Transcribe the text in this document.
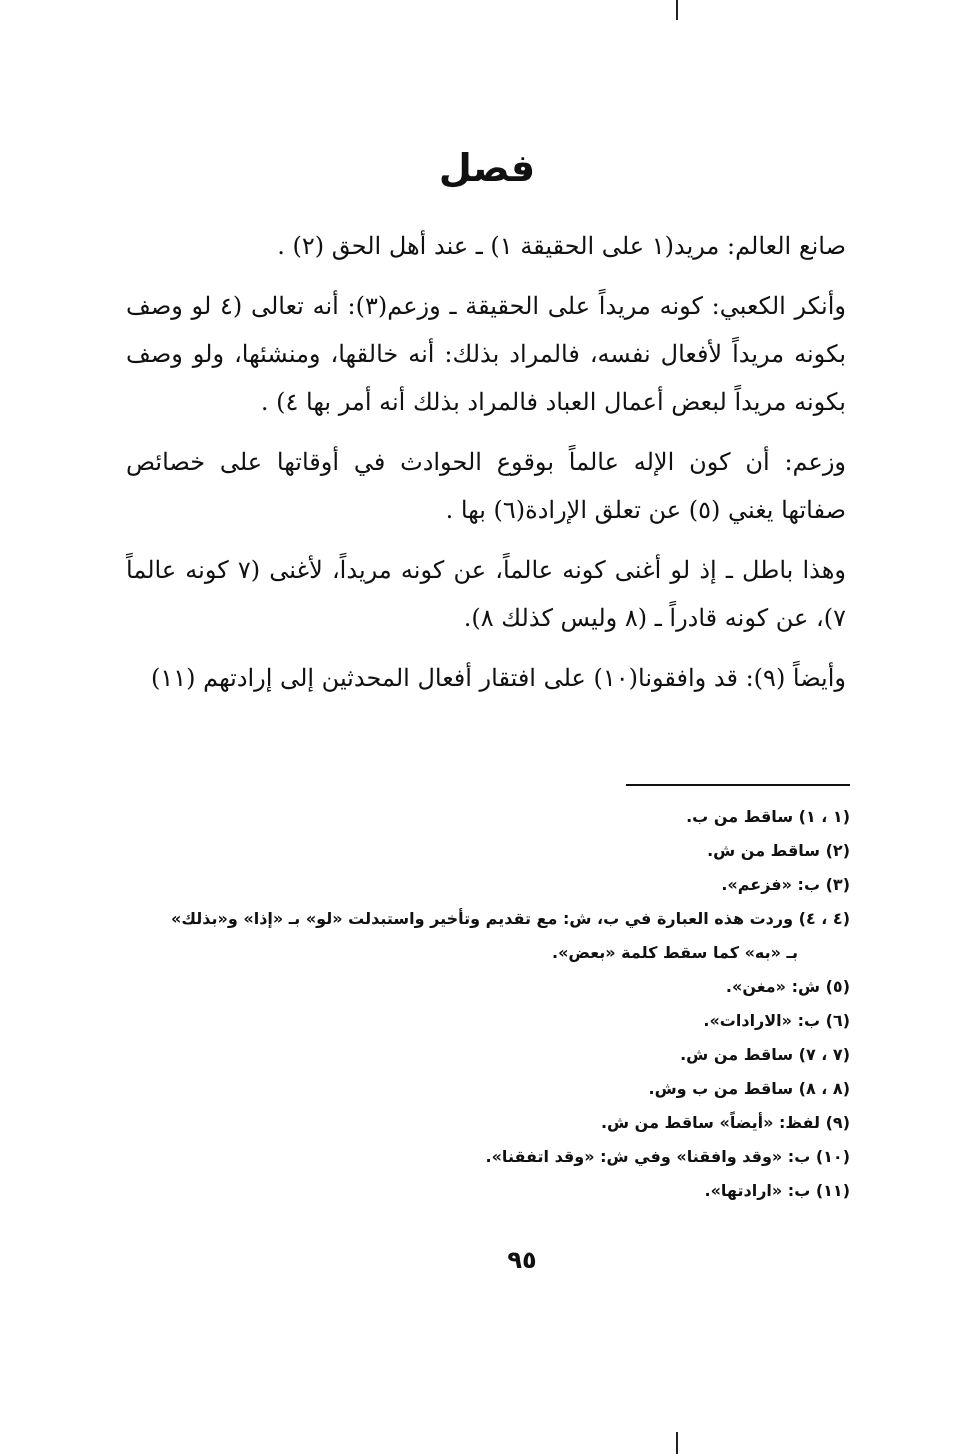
فصل

صانع العالم: مريد(١ على الحقيقة ١) ـ عند أهل الحق (٢) .

وأنكر الكعبي: كونه مريداً على الحقيقة ـ وزعم(٣): أنه تعالى (٤ لو وصف بكونه مريداً لأفعال نفسه، فالمراد بذلك: أنه خالقها، ومنشئها، ولو وصف بكونه مريداً لبعض أعمال العباد فالمراد بذلك أنه أمر بها ٤) .

وزعم: أن كون الإله عالماً بوقوع الحوادث في أوقاتها على خصائص صفاتها يغني (٥) عن تعلق الإرادة(٦) بها .

وهذا باطل ـ إذ لو أغنى كونه عالماً، عن كونه مريداً، لأغنى (٧ كونه عالماً ٧)، عن كونه قادراً ـ (٨ وليس كذلك ٨).

وأيضاً (٩): قد وافقونا(١٠) على افتقار أفعال المحدثين إلى إرادتهم (١١)

(١ ، ١) ساقط من ب.
(٢) ساقط من ش.
(٣) ب: «فزعم».
(٤ ، ٤) وردت هذه العبارة في ب، ش: مع تقديم وتأخير واستبدلت «لو» بـ «إذا» و«بذلك»
بـ «به» كما سقط كلمة «بعض».
(٥) ش: «مغن».
(٦) ب: «الارادات».
(٧ ، ٧) ساقط من ش.
(٨ ، ٨) ساقط من ب وش.
(٩) لفظ: «أيضاً» ساقط من ش.
(١٠) ب: «وقد وافقنا» وفي ش: «وقد اتفقنا».
(١١) ب: «ارادتها».
٩٥
